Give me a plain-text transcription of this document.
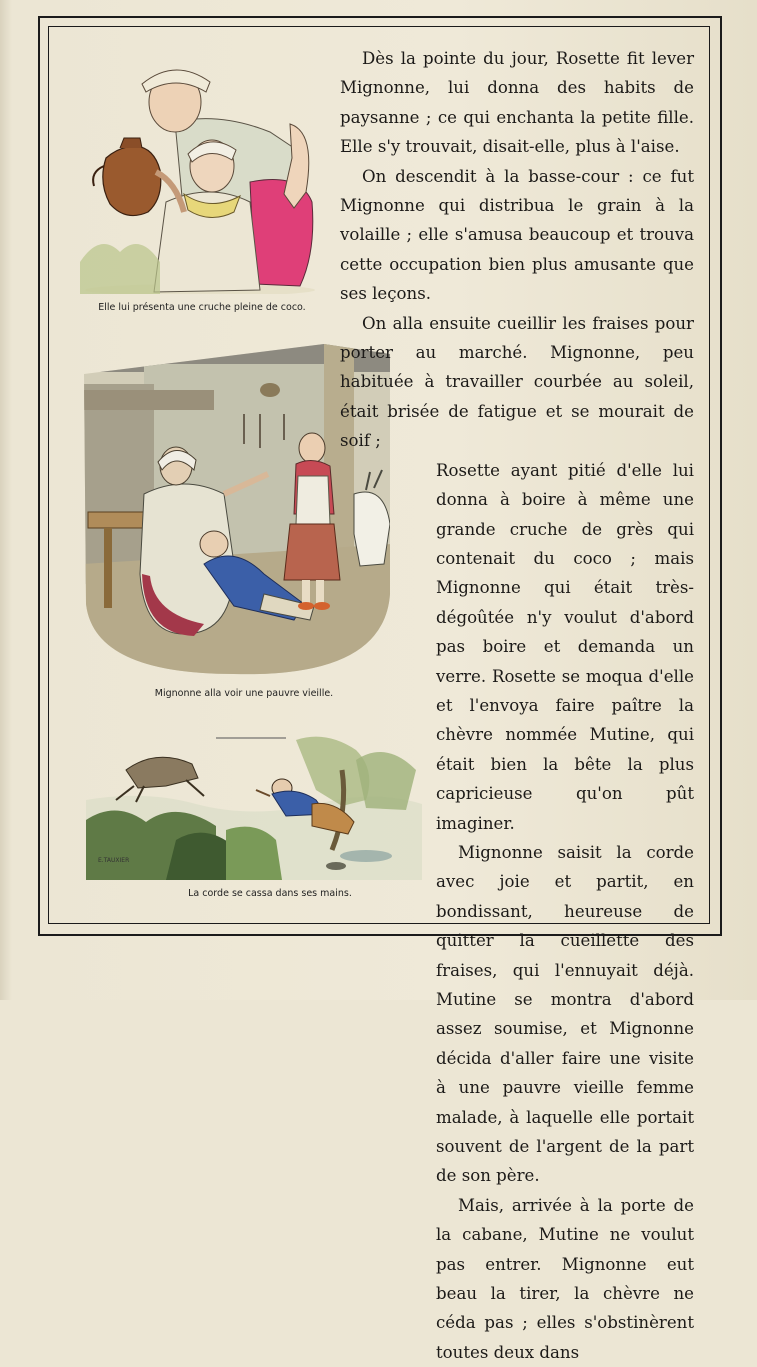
Elle lui présenta une cruche pleine de coco.
Mignonne alla voir une pauvre vieille.
E.TAUXIER
La corde se cassa dans ses mains.

Dès la pointe du jour, Rosette fit lever Mignonne, lui donna des habits de paysanne ; ce qui enchanta la petite fille. Elle s'y trouvait, disait-elle, plus à l'aise.

On descendit à la basse-cour : ce fut Mignonne qui distribua le grain à la volaille ; elle s'amusa beaucoup et trouva cette occupation bien plus amusante que ses leçons.

On alla ensuite cueillir les fraises pour porter au marché. Mignonne, peu habituée à travailler courbée au soleil, était brisée de fatigue et se mourait de soif ;

Rosette ayant pitié d'elle lui donna à boire à même une grande cruche de grès qui contenait du coco ; mais Mignonne qui était très-dégoûtée n'y voulut d'abord pas boire et demanda un verre. Rosette se moqua d'elle et l'envoya faire paître la chèvre nommée Mutine, qui était bien la bête la plus capricieuse qu'on pût imaginer.

Mignonne saisit la corde avec joie et partit, en bondissant, heureuse de quitter la cueillette des fraises, qui l'ennuyait déjà. Mutine se montra d'abord assez soumise, et Mignonne décida d'aller faire une visite à une pauvre vieille femme malade, à laquelle elle portait souvent de l'argent de la part de son père.

Mais, arrivée à la porte de la cabane, Mutine ne voulut pas entrer. Mignonne eut beau la tirer, la chèvre ne céda pas ; elles s'obstinèrent toutes deux dans
